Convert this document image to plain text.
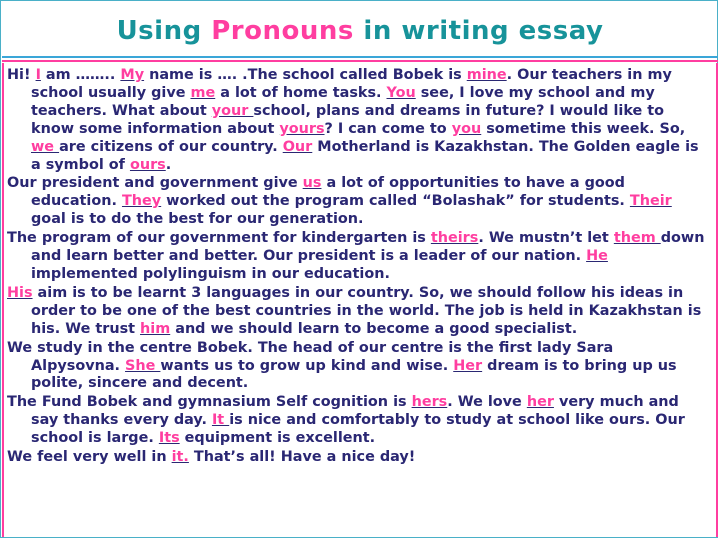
Using Pronouns in writing essay

Hi! I am …….. My name is …. .The school called Bobek is mine. Our teachers in my school usually give me a lot of home tasks. You see, I love my school and my teachers. What about your school, plans and dreams in future? I would like to know some information about yours? I can come to you sometime this week. So, we are citizens of our country. Our Motherland is Kazakhstan. The Golden eagle is a symbol of ours.

Our president and government give us a lot of opportunities to have a good education. They worked out the program called “Bolashak” for students. Their goal is to do the best for our generation.

The program of our government for kindergarten is theirs. We mustn’t let them down and learn better and better. Our president is a leader of our nation. He implemented polylinguism in our education.

His aim is to be learnt 3 languages in our country. So, we should follow his ideas in order to be one of the best countries in the world. The job is held in Kazakhstan is his. We trust him and we should learn to become a good specialist.

We study in the centre Bobek. The head of our centre is the first lady Sara Alpysovna. She wants us to grow up kind and wise. Her dream is to bring up us polite, sincere and decent.

The Fund Bobek and gymnasium Self cognition is hers. We love her very much and say thanks every day. It is nice and comfortably to study at school like ours. Our school is large. Its equipment is excellent.

We feel very well in it. That’s all! Have a nice day!
